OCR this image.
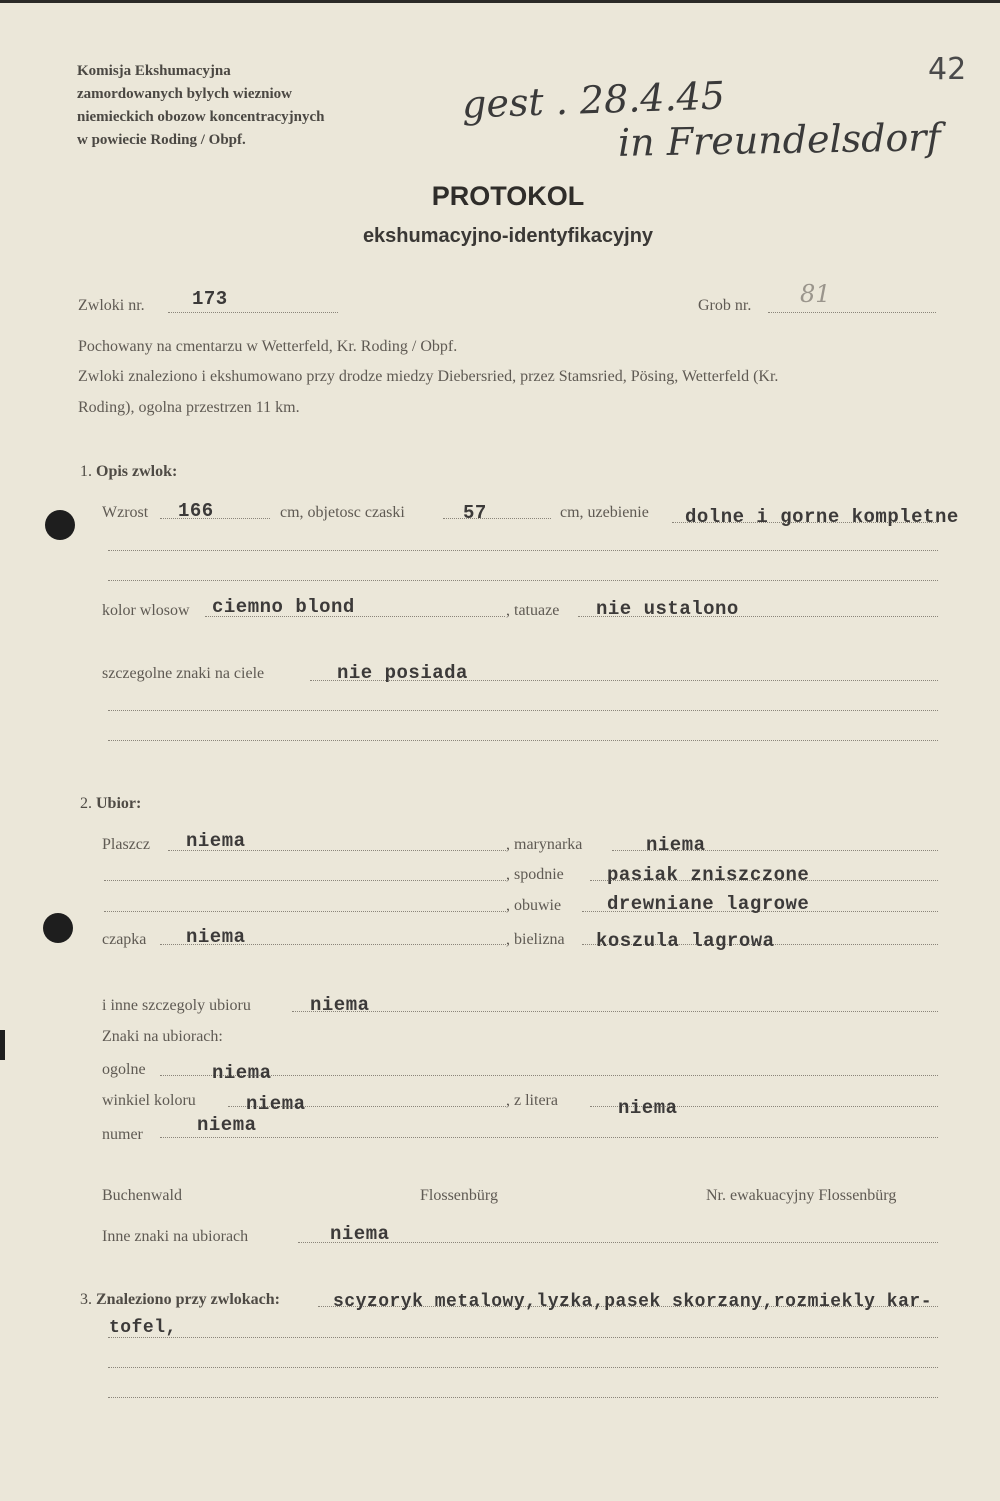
Komisja Ekshumacyjna
zamordowanych bylych wiezniow
niemieckich obozow koncentracyjnych
w powiecie Roding / Obpf.
42
gest . 28.4.45
in Freundelsdorf
PROTOKOL
ekshumacyjno-identyfikacyjny
Zwloki nr. 173	Grob nr. 81
Pochowany na cmentarzu w Wetterfeld, Kr. Roding / Obpf.
Zwloki znaleziono i ekshumowano przy drodze miedzy Diebersried, przez Stamsried, Pösing, Wetterfeld (Kr.
Roding), ogolna przestrzen 11 km.
1. Opis zwlok:
Wzrost 166	cm, objetosc czaski	57	cm, uzebienie dolne i gorne kompletne
kolor wlosow ciemno blond	, tatuaze nie ustalono
szczegolne znaki na ciele	nie posiada
2. Ubior:
Plaszcz niema	, marynarka	niema
, spodnie pasiak zniszczone
, obuwie drewniane lagrowe
czapka niema	, bielizna koszula lagrowa
i inne szczegoly ubioru	niema
Znaki na ubiorach:
ogolne	niema
winkiel koloru	niema	, z litera	niema
numer	niema
Buchenwald	Flossenbürg	Nr. ewakuacyjny Flossenbürg
Inne znaki na ubiorach	niema
3. Znaleziono przy zwlokach:	scyzoryk metalowy,lyzka,pasek skorzany,rozmiekly kar-
tofel,
